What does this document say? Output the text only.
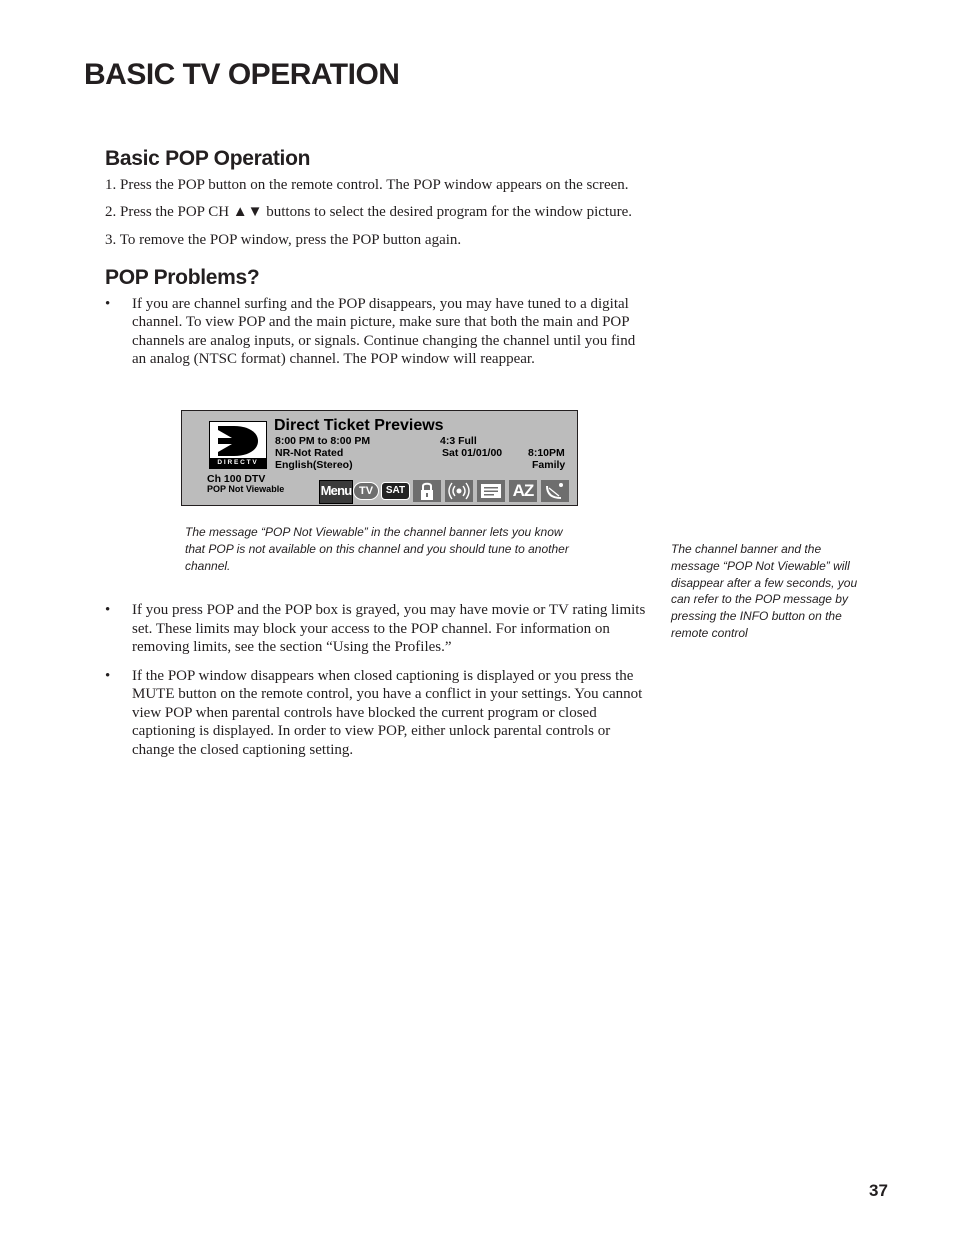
BASIC TV OPERATION
Basic POP Operation

1. Press the POP button on the remote control. The POP window appears on the screen.

2. Press the POP CH ▲▼ buttons to select the desired program for the window picture.

3. To remove the POP window, press the POP button again.

POP Problems?
• If you are channel surfing and the POP disappears, you may have tuned to a digital channel. To view POP and the main picture, make sure that both the main and POP channels are analog inputs, or signals. Continue changing the channel until you find an analog (NTSC format) channel. The POP window will reappear.
DIRECTV
Direct Ticket Previews
8:00 PM to 8:00 PM	4:3 Full
NR-Not Rated	Sat 01/01/00 8:10PM
English(Stereo)	Family
Ch 100 DTV
POP Not Viewable	Menu TV	SAT	AZ

The message “POP Not Viewable” in the channel banner lets you know that POP is not available on this channel and you should tune to another channel.

The channel banner and the message “POP Not Viewable” will disappear after a few seconds, you can refer to the POP message by pressing the INFO button on the remote control

• If you press POP and the POP box is grayed, you may have movie or TV rating limits set. These limits may block your access to the POP channel. For information on removing limits, see the section “Using the Profiles.”
• If the POP window disappears when closed captioning is displayed or you press the MUTE button on the remote control, you have a conflict in your settings. You cannot view POP when parental controls have blocked the current program or closed captioning is displayed. In order to view POP, either unlock parental controls or change the closed captioning setting.
37
